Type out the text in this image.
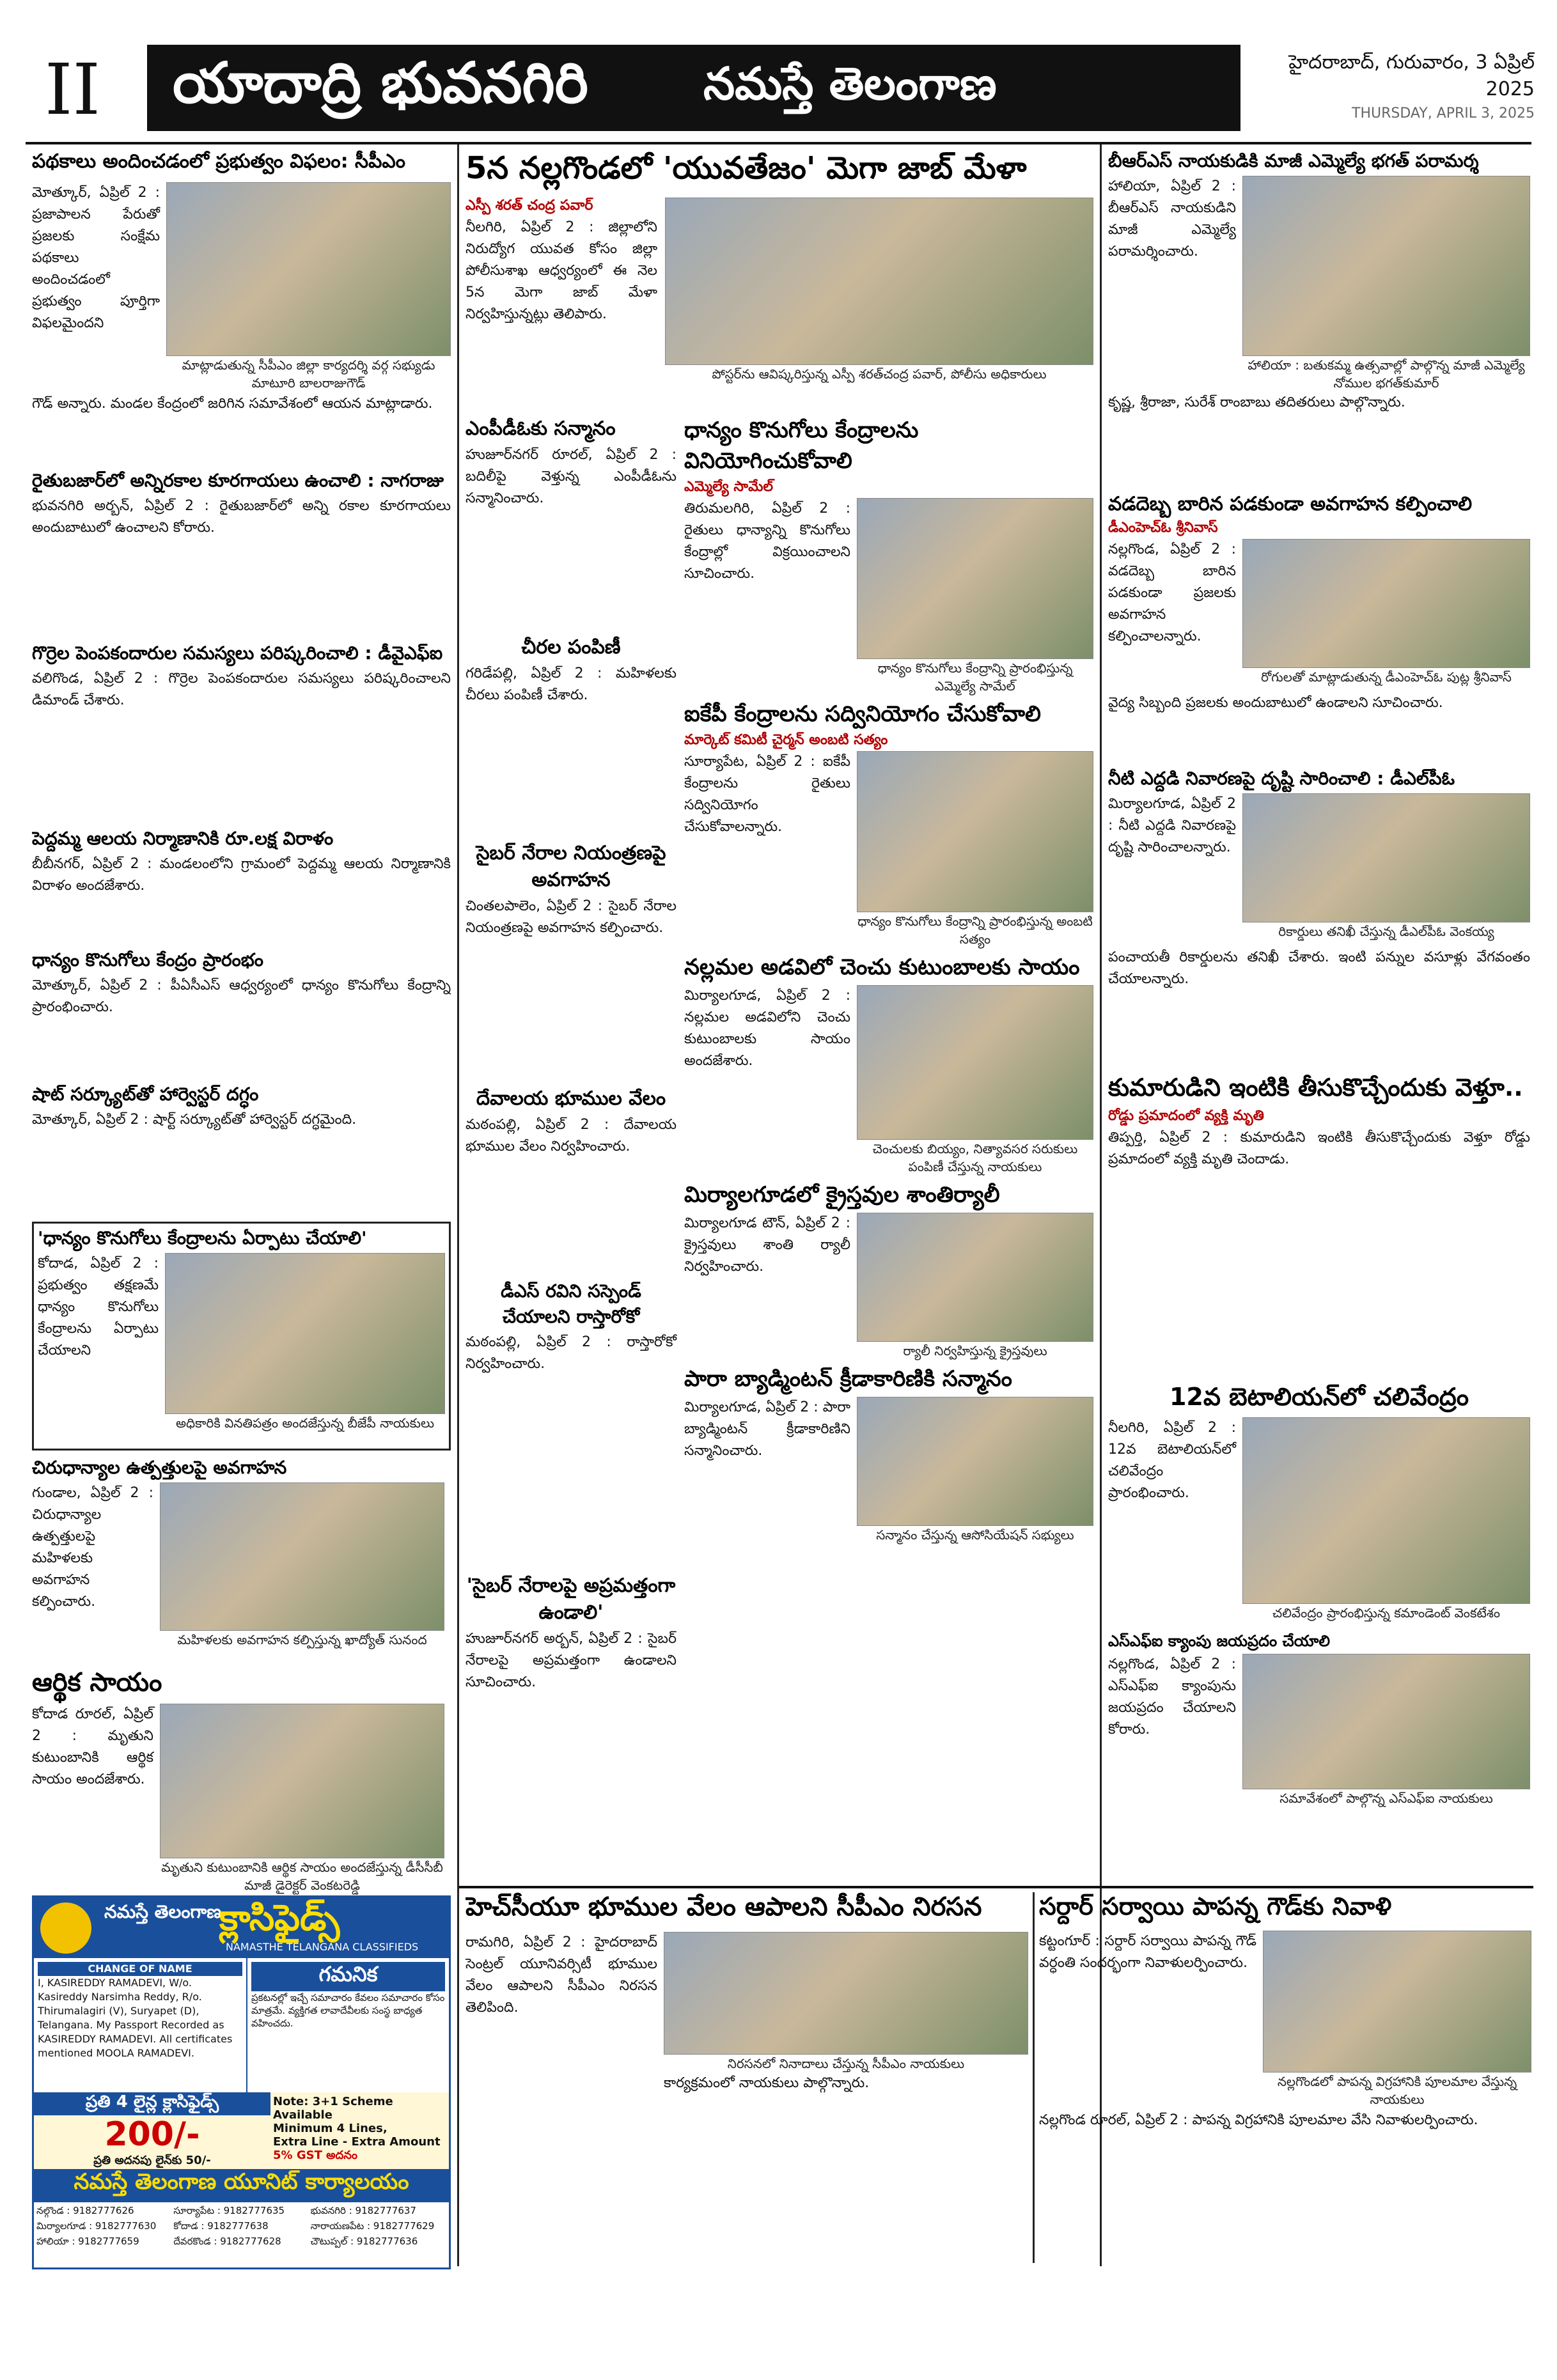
II	యాదాద్రి భువనగిరి	నమస్తే తెలంగాణ	హైదరాబాద్, గురువారం, 3 ఏప్రిల్ 2025
THURSDAY, APRIL 3, 2025
పథకాలు అందించడంలో ప్రభుత్వం విఫలం: సీపీఎం
మోత్కూర్, ఏప్రిల్ 2 : ప్రజాపాలన పేరుతో ప్రజలకు సంక్షేమ పథకాలు అందించడంలో ప్రభుత్వం పూర్తిగా విఫలమైందని
మాట్లాడుతున్న సీపీఎం జిల్లా కార్యదర్శి వర్గ సభ్యుడు మాటూరి బాలరాజుగౌడ్
గౌడ్ అన్నారు. మండల కేంద్రంలో జరిగిన సమావేశంలో ఆయన మాట్లాడారు.
రైతుబజార్‌లో అన్నిరకాల కూరగాయలు ఉంచాలి : నాగరాజు
భువనగిరి అర్బన్, ఏప్రిల్ 2 : రైతుబజార్‌లో అన్ని రకాల కూరగాయలు అందుబాటులో ఉంచాలని కోరారు.
గొర్రెల పెంపకందారుల సమస్యలు పరిష్కరించాలి : డీవైఎఫ్ఐ
వలిగొండ, ఏప్రిల్ 2 : గొర్రెల పెంపకందారుల సమస్యలు పరిష్కరించాలని డిమాండ్ చేశారు.
పెద్దమ్మ ఆలయ నిర్మాణానికి రూ.లక్ష విరాళం
బీబీనగర్, ఏప్రిల్ 2 : మండలంలోని గ్రామంలో పెద్దమ్మ ఆలయ నిర్మాణానికి విరాళం అందజేశారు.
ధాన్యం కొనుగోలు కేంద్రం ప్రారంభం
మోత్కూర్, ఏప్రిల్ 2 : పీఏసీఎస్ ఆధ్వర్యంలో ధాన్యం కొనుగోలు కేంద్రాన్ని ప్రారంభించారు.
షాట్ సర్క్యూట్‌తో హార్వెస్టర్ దగ్ధం
మోత్కూర్, ఏప్రిల్ 2 : షార్ట్ సర్క్యూట్‌తో హార్వెస్టర్ దగ్ధమైంది.
'ధాన్యం కొనుగోలు కేంద్రాలను ఏర్పాటు చేయాలి'
కోదాడ, ఏప్రిల్ 2 : ప్రభుత్వం తక్షణమే ధాన్యం కొనుగోలు కేంద్రాలను ఏర్పాటు చేయాలని
అధికారికి వినతిపత్రం అందజేస్తున్న బీజేపీ నాయకులు
చిరుధాన్యాల ఉత్పత్తులపై అవగాహన
గుండాల, ఏప్రిల్ 2 : చిరుధాన్యాల ఉత్పత్తులపై మహిళలకు అవగాహన కల్పించారు.
మహిళలకు అవగాహన కల్పిస్తున్న ఖాద్యోత్ సునంద
ఆర్థిక సాయం
కోదాడ రూరల్, ఏప్రిల్ 2 : మృతుని కుటుంబానికి ఆర్థిక సాయం అందజేశారు.
మృతుని కుటుంబానికి ఆర్థిక సాయం అందజేస్తున్న డీసీసీబీ మాజీ డైరెక్టర్ వెంకటరెడ్డి
నమస్తే తెలంగాణ
క్లాసిఫైడ్స్
NAMASTHE TELANGANA CLASSIFIEDS
CHANGE OF NAME
I, KASIREDDY RAMADEVI, W/o. Kasireddy Narsimha Reddy, R/o. Thirumalagiri (V), Suryapet (D), Telangana. My Passport Recorded as KASIREDDY RAMADEVI. All certificates mentioned MOOLA RAMADEVI.
గమనిక
ప్రకటనల్లో ఇచ్చే సమాచారం కేవలం సమాచారం కోసం మాత్రమే. వ్యక్తిగత లావాదేవీలకు సంస్థ బాధ్యత వహించదు.
ప్రతి 4 లైన్ల క్లాసిఫైడ్స్
200/-
ప్రతి అదనపు లైన్‌కు 50/-
Note: 3+1 Scheme Available
Minimum 4 Lines,
Extra Line - Extra Amount
5% GST అదనం
నమస్తే తెలంగాణ యూనిట్ కార్యాలయం
నల్గొండ : 9182777626	సూర్యాపేట : 9182777635	భువనగిరి : 9182777637
మిర్యాలగూడ : 9182777630	కోదాడ : 9182777638	నారాయణపేట : 9182777629
హాలియా : 9182777659	దేవరకొండ : 9182777628	చౌటుప్పల్ : 9182777636
5న నల్లగొండలో 'యువతేజం' మెగా జాబ్ మేళా
ఎస్పీ శరత్ చంద్ర పవార్
నీలగిరి, ఏప్రిల్ 2 : జిల్లాలోని నిరుద్యోగ యువత కోసం జిల్లా పోలీసుశాఖ ఆధ్వర్యంలో ఈ నెల 5న మెగా జాబ్ మేళా నిర్వహిస్తున్నట్లు తెలిపారు.
పోస్టర్‌ను ఆవిష్కరిస్తున్న ఎస్పీ శరత్‌చంద్ర పవార్, పోలీసు అధికారులు
ఎంపీడీఓకు సన్మానం
హుజూర్‌నగర్ రూరల్, ఏప్రిల్ 2 : బదిలీపై వెళ్తున్న ఎంపీడీఓను సన్మానించారు.
చీరల పంపిణీ
గరిడేపల్లి, ఏప్రిల్ 2 : మహిళలకు చీరలు పంపిణీ చేశారు.
సైబర్ నేరాల నియంత్రణపై అవగాహన
చింతలపాలెం, ఏప్రిల్ 2 : సైబర్ నేరాల నియంత్రణపై అవగాహన కల్పించారు.
దేవాలయ భూముల వేలం
మఠంపల్లి, ఏప్రిల్ 2 : దేవాలయ భూముల వేలం నిర్వహించారు.
డీఎస్ రవిని సస్పెండ్ చేయాలని రాస్తారోకో
మఠంపల్లి, ఏప్రిల్ 2 : రాస్తారోకో నిర్వహించారు.
'సైబర్ నేరాలపై అప్రమత్తంగా ఉండాలి'
హుజూర్‌నగర్ అర్బన్, ఏప్రిల్ 2 : సైబర్ నేరాలపై అప్రమత్తంగా ఉండాలని సూచించారు.
ధాన్యం కొనుగోలు కేంద్రాలను వినియోగించుకోవాలి
ఎమ్మెల్యే సామేల్
తిరుమలగిరి, ఏప్రిల్ 2 : రైతులు ధాన్యాన్ని కొనుగోలు కేంద్రాల్లో విక్రయించాలని సూచించారు.
ధాన్యం కొనుగోలు కేంద్రాన్ని ప్రారంభిస్తున్న ఎమ్మెల్యే సామేల్
ఐకేపీ కేంద్రాలను సద్వినియోగం చేసుకోవాలి
మార్కెట్ కమిటీ చైర్మన్ అంబటి సత్యం
సూర్యాపేట, ఏప్రిల్ 2 : ఐకేపీ కేంద్రాలను రైతులు సద్వినియోగం చేసుకోవాలన్నారు.
ధాన్యం కొనుగోలు కేంద్రాన్ని ప్రారంభిస్తున్న అంబటి సత్యం
నల్లమల అడవిలో చెంచు కుటుంబాలకు సాయం
మిర్యాలగూడ, ఏప్రిల్ 2 : నల్లమల అడవిలోని చెంచు కుటుంబాలకు సాయం అందజేశారు.
చెంచులకు బియ్యం, నిత్యావసర సరుకులు పంపిణీ చేస్తున్న నాయకులు
మిర్యాలగూడలో క్రైస్తవుల శాంతిర్యాలీ
మిర్యాలగూడ టౌన్, ఏప్రిల్ 2 : క్రైస్తవులు శాంతి ర్యాలీ నిర్వహించారు.
ర్యాలీ నిర్వహిస్తున్న క్రైస్తవులు
పారా బ్యాడ్మింటన్ క్రీడాకారిణికి సన్మానం
మిర్యాలగూడ, ఏప్రిల్ 2 : పారా బ్యాడ్మింటన్ క్రీడాకారిణిని సన్మానించారు.
సన్మానం చేస్తున్న ఆసోసియేషన్ సభ్యులు
బీఆర్‌ఎస్ నాయకుడికి మాజీ ఎమ్మెల్యే భగత్ పరామర్శ
హాలియా, ఏప్రిల్ 2 : బీఆర్‌ఎస్ నాయకుడిని మాజీ ఎమ్మెల్యే పరామర్శించారు.
హాలియా : బతుకమ్మ ఉత్సవాల్లో పాల్గొన్న మాజీ ఎమ్మెల్యే నోముల భగత్‌కుమార్
కృష్ణ, శ్రీరాజా, సురేశ్ రాంబాబు తదితరులు పాల్గొన్నారు.
వడదెబ్బ బారిన పడకుండా అవగాహన కల్పించాలి
డీఎంహెచ్‌ఓ శ్రీనివాస్
నల్లగొండ, ఏప్రిల్ 2 : వడదెబ్బ బారిన పడకుండా ప్రజలకు అవగాహన కల్పించాలన్నారు.
రోగులతో మాట్లాడుతున్న డీఎంహెచ్‌ఓ పుట్ల శ్రీనివాస్
వైద్య సిబ్బంది ప్రజలకు అందుబాటులో ఉండాలని సూచించారు.
నీటి ఎద్దడి నివారణపై దృష్టి సారించాలి : డీఎల్‌పీఓ
మిర్యాలగూడ, ఏప్రిల్ 2 : నీటి ఎద్దడి నివారణపై దృష్టి సారించాలన్నారు.
రికార్డులు తనిఖీ చేస్తున్న డీఎల్‌పీఓ వెంకయ్య
పంచాయతీ రికార్డులను తనిఖీ చేశారు. ఇంటి పన్నుల వసూళ్లు వేగవంతం చేయాలన్నారు.
కుమారుడిని ఇంటికి తీసుకొచ్చేందుకు వెళ్తూ..
రోడ్డు ప్రమాదంలో వ్యక్తి మృతి
తిప్పర్తి, ఏప్రిల్ 2 : కుమారుడిని ఇంటికి తీసుకొచ్చేందుకు వెళ్తూ రోడ్డు ప్రమాదంలో వ్యక్తి మృతి చెందాడు.
12వ బెటాలియన్‌లో చలివేంద్రం
నీలగిరి, ఏప్రిల్ 2 : 12వ బెటాలియన్‌లో చలివేంద్రం ప్రారంభించారు.
చలివేంద్రం ప్రారంభిస్తున్న కమాండెంట్ వెంకటేశం
ఎస్‌ఎఫ్‌ఐ క్యాంపు జయప్రదం చేయాలి
నల్లగొండ, ఏప్రిల్ 2 : ఎస్‌ఎఫ్‌ఐ క్యాంపును జయప్రదం చేయాలని కోరారు.
సమావేశంలో పాల్గొన్న ఎస్‌ఎఫ్‌ఐ నాయకులు
హెచ్‌సీయూ భూముల వేలం ఆపాలని సీపీఎం నిరసన
రామగిరి, ఏప్రిల్ 2 : హైదరాబాద్ సెంట్రల్ యూనివర్సిటీ భూముల వేలం ఆపాలని సీపీఎం నిరసన తెలిపింది.
నిరసనలో నినాదాలు చేస్తున్న సీపీఎం నాయకులు
కార్యక్రమంలో నాయకులు పాల్గొన్నారు.
సర్దార్ సర్వాయి పాపన్న గౌడ్‌కు నివాళి
కట్టంగూర్ : సర్దార్ సర్వాయి పాపన్న గౌడ్ వర్ధంతి సందర్భంగా నివాళులర్పించారు.
నల్లగొండలో పాపన్న విగ్రహానికి పూలమాల వేస్తున్న నాయకులు
నల్లగొండ రూరల్, ఏప్రిల్ 2 : పాపన్న విగ్రహానికి పూలమాల వేసి నివాళులర్పించారు.
